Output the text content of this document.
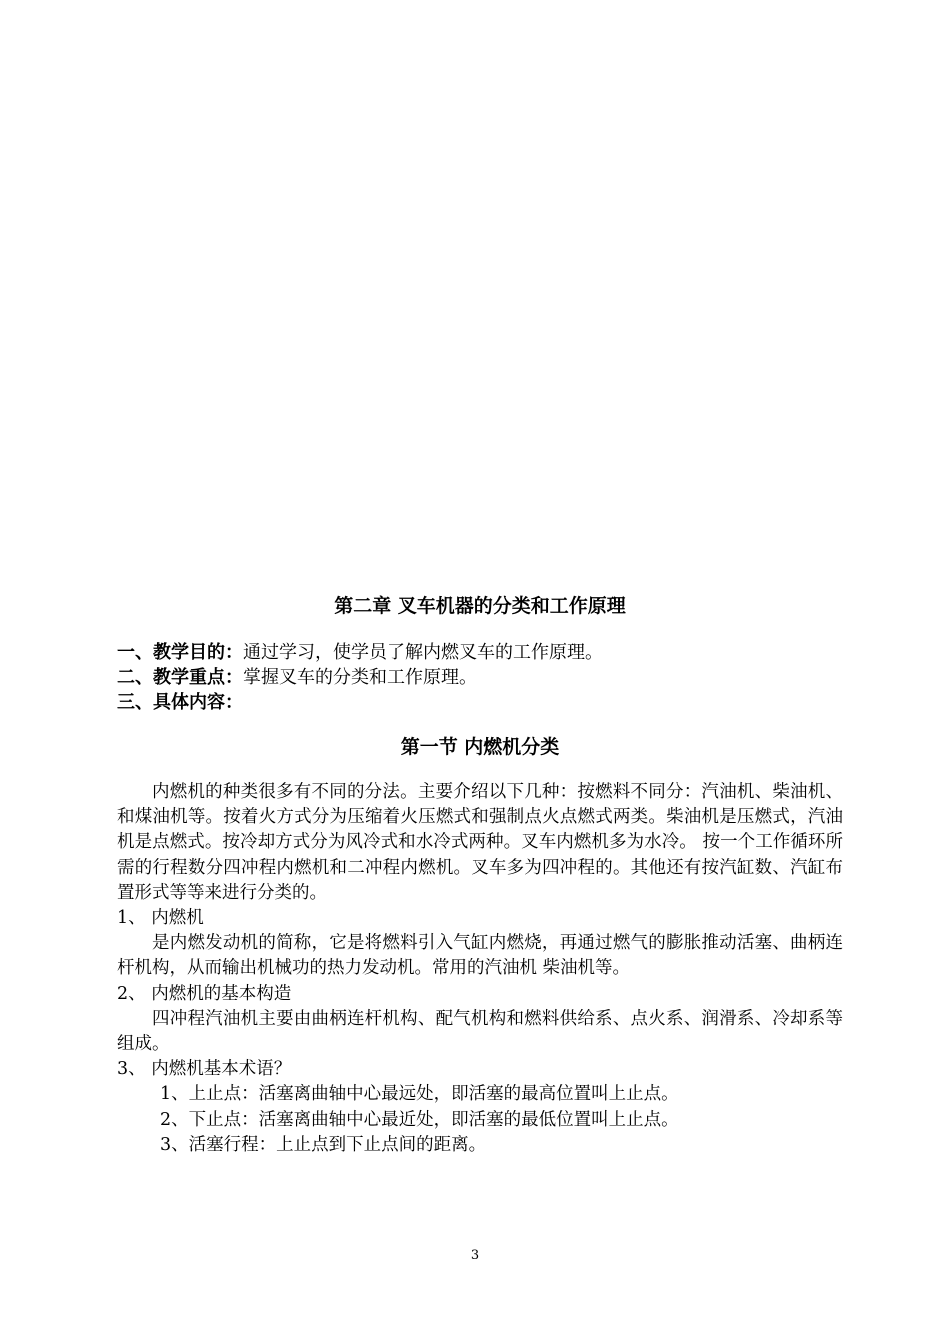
第二章 叉车机器的分类和工作原理
一、教学目的：通过学习，使学员了解内燃叉车的工作原理。
二、教学重点：掌握叉车的分类和工作原理。
三、具体内容：
第一节 内燃机分类

内燃机的种类很多有不同的分法。主要介绍以下几种：按燃料不同分：汽油机、柴油机、和煤油机等。按着火方式分为压缩着火压燃式和强制点火点燃式两类。柴油机是压燃式，汽油机是点燃式。按冷却方式分为风冷式和水冷式两种。叉车内燃机多为水冷。 按一个工作循环所需的行程数分四冲程内燃机和二冲程内燃机。叉车多为四冲程的。其他还有按汽缸数、汽缸布置形式等等来进行分类的。

1、 内燃机

是内燃发动机的简称，它是将燃料引入气缸内燃烧，再通过燃气的膨胀推动活塞、曲柄连杆机构，从而输出机械功的热力发动机。常用的汽油机 柴油机等。

2、 内燃机的基本构造

四冲程汽油机主要由曲柄连杆机构、配气机构和燃料供给系、点火系、润滑系、冷却系等组成。

3、 内燃机基本术语？

1、上止点：活塞离曲轴中心最远处，即活塞的最高位置叫上止点。

2、下止点：活塞离曲轴中心最近处，即活塞的最低位置叫上止点。

3、活塞行程：上止点到下止点间的距离。

3
